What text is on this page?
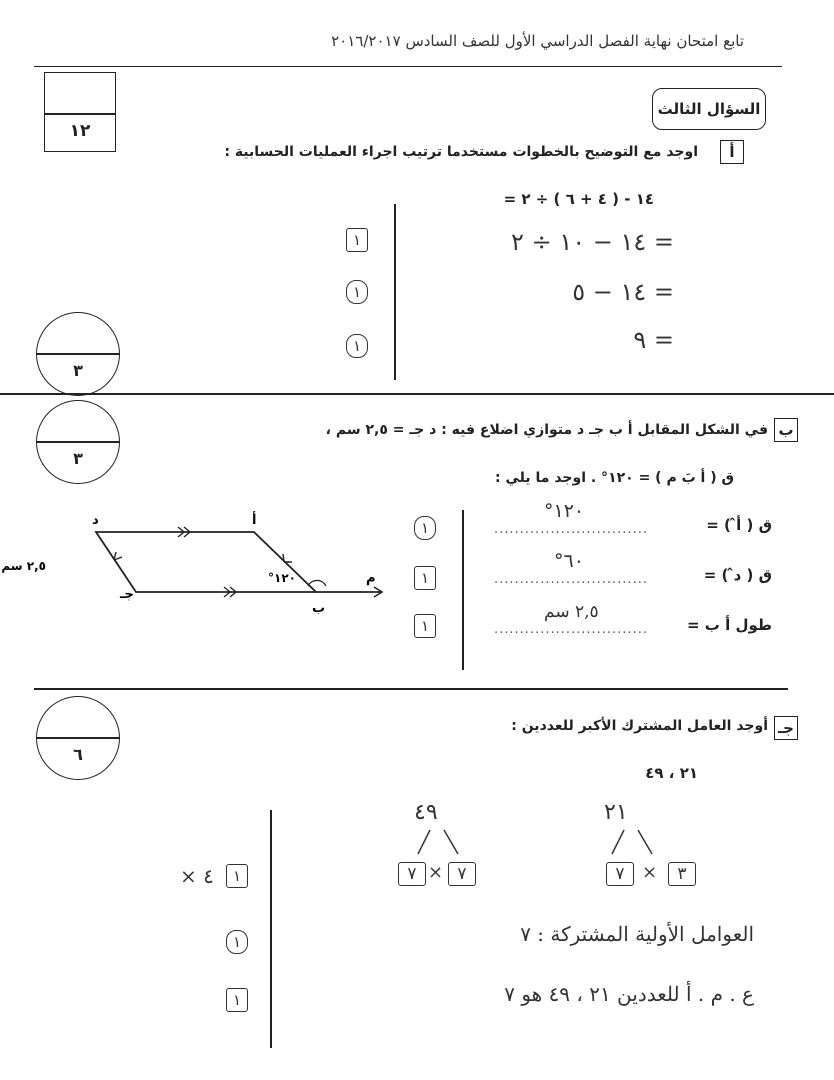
تابع امتحان نهاية الفصل الدراسي الأول للصف السادس ٢٠١٦/٢٠١٧
١٢
السؤال الثالث
أ
اوجد مع التوضيح بالخطوات مستخدما ترتيب اجراء العمليات الحسابية :
١٤ - ( ٤ + ٦ ) ÷ ٢ =
= ١٤ − ١٠ ÷ ٢
= ١٤ − ٥
= ٩
١
١
١
٣
٣
ب
في الشكل المقابل أ ب جـ د متوازي اضلاع فيه : د جـ = ٢,٥ سم ،
ق ( أ بَ م ) = ١٢٠° . اوجد ما يلي :
د	أ
ب
جـ
م
١٢٠°
٢,٥ سم
ق ( أ̂ ) =
ق ( د̂ ) =
طول أ ب =
..............................
..............................
..............................
١٢٠°
٦٠°
٢,٥ سم
١
١
١
٦
جـ
أوجد العامل المشترك الأكبر للعددين :
٢١ ، ٤٩
٢١
٣
×
٧
٤٩
٧
×
٧
العوامل الأولية المشتركة : ٧
ع . م . أ للعددين ٢١ ، ٤٩ هو ٧
٤ ×	١
١
١
